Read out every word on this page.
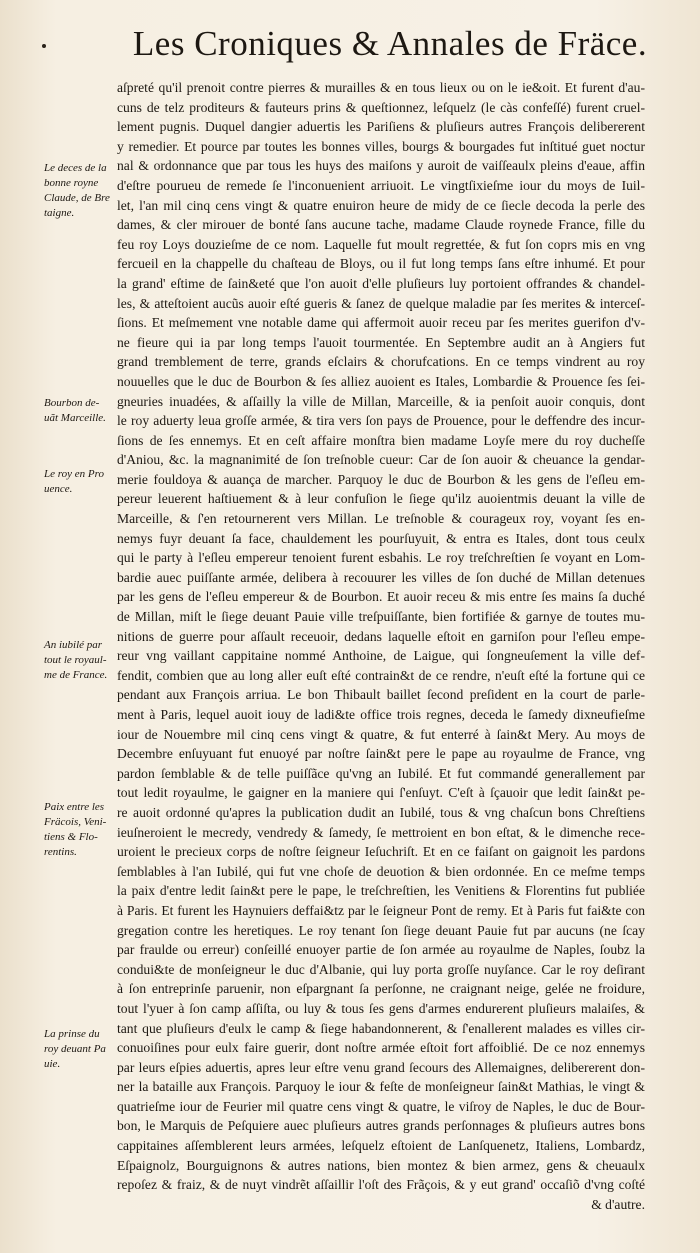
Les Croniques & Annales de Fräce.
aſpreté qu'il prenoit contre pierres & murailles & en tous lieux ou on le ie&oit. Et furent d'au-
cuns de telz proditeurs & fauteurs prins & queſtionnez, leſquelz (le càs confeſſé) furent cruel-
lement pugnis. Duquel dangier aduertis les Pariſiens & pluſieurs autres François delibererent
y remedier. Et pource par toutes les bonnes villes, bourgs & bourgades fut inſtitué guet noctur
nal & ordonnance que par tous les huys des maiſons y auroit de vaiſſeaulx pleins d'eaue, affin
d'eſtre pourueu de remede ſe l'inconuenient arriuoit. Le vingtſixieſme iour du moys de Iuil-
let, l'an mil cinq cens vingt & quatre enuiron heure de midy de ce ſiecle decoda la perle des
dames, & cler mirouer de bonté ſans aucune tache, madame Claude roynede France, fille du
feu roy Loys douzieſme de ce nom. Laquelle fut moult regrettée, & fut ſon coprs mis en vng
fercueil en la chappelle du chaſteau de Bloys, ou il fut long temps ſans eſtre inhumé. Et pour
la grand' eſtime de ſain&eté que l'on auoit d'elle pluſieurs luy portoient offrandes & chandel-
les, & atteſtoient aucũs auoir eſté gueris & ſanez de quelque maladie par ſes merites & interceſ-
ſions. Et meſmement vne notable dame qui affermoit auoir receu par ſes merites guerifon d'v-
ne fieure qui ia par long temps l'auoit tourmentée. En Septembre audit an à Angiers fut
grand tremblement de terre, grands eſclairs & chorufcations. En ce temps vindrent au roy
nouuelles que le duc de Bourbon & ſes alliez auoient es Itales, Lombardie & Prouence ſes ſei-
gneuries inuadées, & aſſailly la ville de Millan, Marceille, & ia penſoit auoir conquis, dont
le roy aduerty leua groſſe armée, & tira vers ſon pays de Prouence, pour le deffendre des incur-
ſions de ſes ennemys. Et en ceſt affaire monſtra bien madame Loyſe mere du roy ducheſſe
d'Aniou, &c. la magnanimité de ſon treſnoble cueur: Car de ſon auoir & cheuance la gendar-
merie fouldoya & auança de marcher. Parquoy le duc de Bourbon & les gens de l'eſleu em-
pereur leuerent haſtiuement & à leur confuſion le ſiege qu'ilz auoientmis deuant la ville de
Marceille, & ſ'en retournerent vers Millan. Le treſnoble & courageux roy, voyant ſes en-
nemys fuyr deuant ſa face, chauldement les pourſuyuit, & entra es Itales, dont tous ceulx
qui le party à l'eſleu empereur tenoient furent esbahis. Le roy treſchreſtien ſe voyant en Lom-
bardie auec puiſſante armée, delibera à recouurer les villes de ſon duché de Millan detenues
par les gens de l'eſleu empereur & de Bourbon. Et auoir receu & mis entre ſes mains ſa duché
de Millan, miſt le ſiege deuant Pauie ville treſpuiſſante, bien fortifiée & garnye de toutes mu-
nitions de guerre pour aſſault receuoir, dedans laquelle eſtoit en garniſon pour l'eſleu empe-
reur vng vaillant cappitaine nommé Anthoine, de Laigue, qui ſongneuſement la ville def-
fendit, combien que au long aller euſt eſté contrain&t de ce rendre, n'euſt eſté la fortune qui ce
pendant aux François arriua. Le bon Thibault baillet ſecond preſident en la court de parle-
ment à Paris, lequel auoit iouy de ladi&te office trois regnes, deceda le ſamedy dixneufieſme
iour de Nouembre mil cinq cens vingt & quatre, & fut enterré à ſain&t Mery. Au moys de
Decembre enſuyuant fut enuoyé par noſtre ſain&t pere le pape au royaulme de France, vng
pardon ſemblable & de telle puiſſãce qu'vng an Iubilé. Et fut commandé generallement par
tout ledit royaulme, le gaigner en la maniere qui ſ'enſuyt. C'eſt à ſçauoir que ledit ſain&t pe-
re auoit ordonné qu'apres la publication dudit an Iubilé, tous & vng chaſcun bons Chreſtiens
ieuſneroient le mecredy, vendredy & ſamedy, ſe mettroient en bon eſtat, & le dimenche rece-
uroient le precieux corps de noſtre ſeigneur Ieſuchriſt. Et en ce faiſant on gaignoit les pardons
ſemblables à l'an Iubilé, qui fut vne choſe de deuotion & bien ordonnée. En ce meſme temps
la paix d'entre ledit ſain&t pere le pape, le treſchreſtien, les Venitiens & Florentins fut publiée
à Paris. Et furent les Haynuiers deffai&tz par le ſeigneur Pont de remy. Et à Paris fut fai&te con
gregation contre les heretiques. Le roy tenant ſon ſiege deuant Pauie fut par aucuns (ne ſcay
par fraulde ou erreur) conſeillé enuoyer partie de ſon armée au royaulme de Naples, ſoubz la
condui&te de monſeigneur le duc d'Albanie, qui luy porta groſſe nuyſance. Car le roy deſirant
à ſon entreprinſe paruenir, non eſpargnant ſa perſonne, ne craignant neige, gelée ne froidure,
tout l'yuer à ſon camp aſſiſta, ou luy & tous ſes gens d'armes endurerent pluſieurs malaiſes, &
tant que pluſieurs d'eulx le camp & ſiege habandonnerent, & ſ'enallerent malades es villes cir-
conuoiſines pour eulx faire guerir, dont noſtre armée eſtoit fort affoiblié. De ce noz ennemys
par leurs eſpies aduertis, apres leur eſtre venu grand ſecours des Allemaignes, delibererent don-
ner la bataille aux François. Parquoy le iour & feſte de monſeigneur ſain&t Mathias, le vingt &
quatrieſme iour de Feurier mil quatre cens vingt & quatre, le viſroy de Naples, le duc de Bour-
bon, le Marquis de Peſquiere auec pluſieurs autres grands perſonnages & pluſieurs autres bons
cappitaines aſſemblerent leurs armées, leſquelz eſtoient de Lanſquenetz, Italiens, Lombardz,
Eſpaignolz, Bourguignons & autres nations, bien montez & bien armez, gens & cheuaulx
repoſez & fraiz, & de nuyt vindrẽt aſſaillir l'oſt des Frãçois, & y eut grand' occaſiõ d'vng coſté
& d'autre.
Le deces de la
bonne royne
Claude, de Bre
taigne.
Bourbon de-
uãt Marceille.
Le roy en Pro
uence.
An iubilé par
tout le royaul-
me de France.
Paix entre les
Fräcois, Veni-
tiens & Flo-
rentins.
La prinse du
roy deuant Pa
uie.
